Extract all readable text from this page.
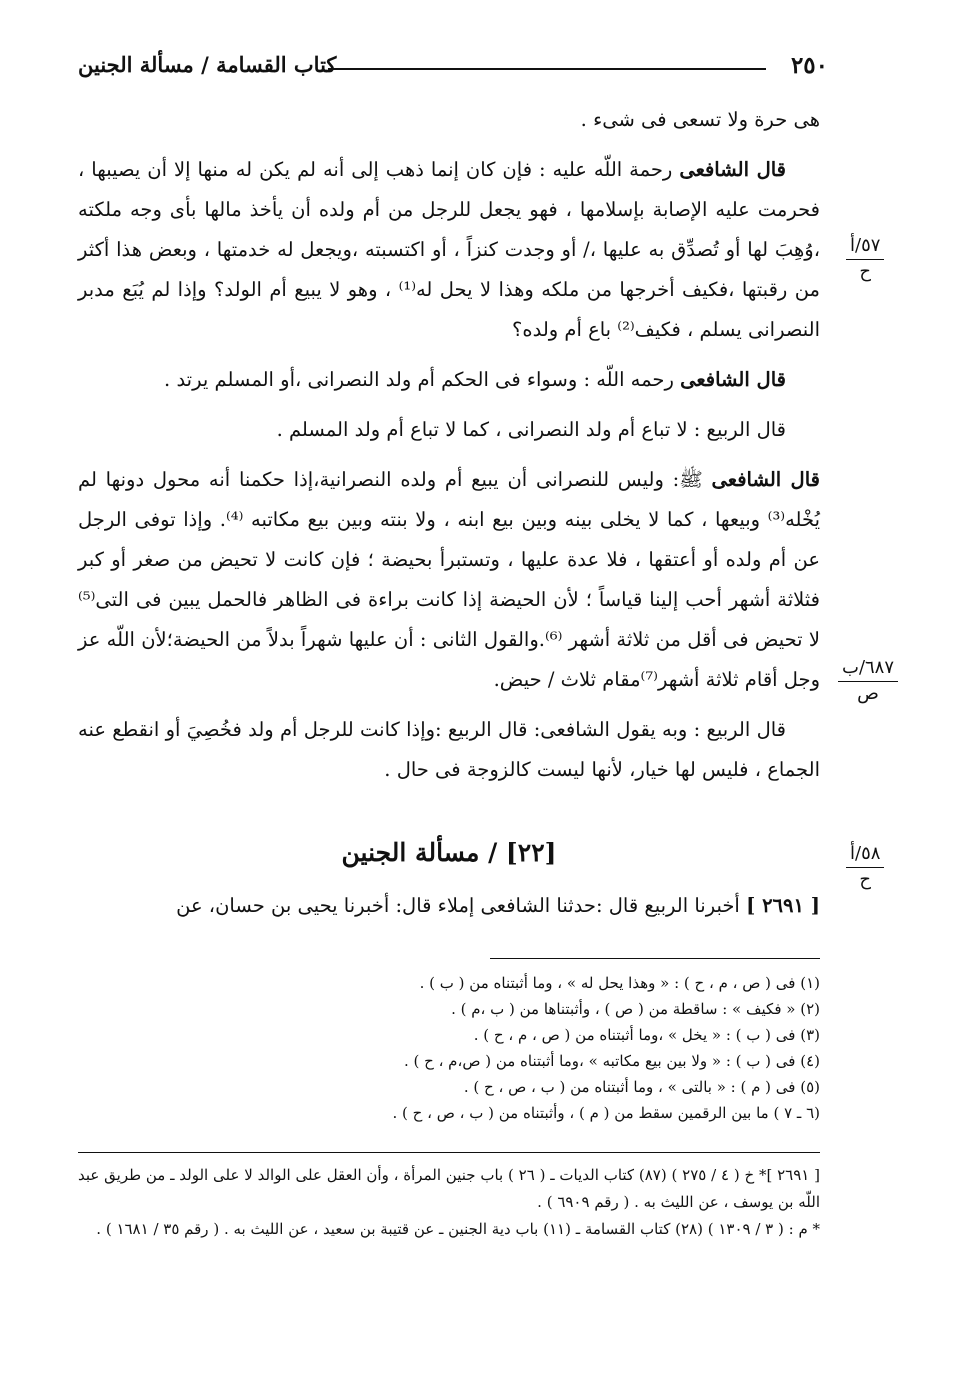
٢٥٠
كتاب القسامة / مسألة الجنين

هى حرة ولا تسعى فى شىء .

قال الشافعى رحمة اللّه عليه : فإن كان إنما ذهب إلى أنه لم يكن له منها إلا أن يصيبها ، فحرمت عليه الإصابة بإسلامها ، فهو يجعل للرجل من أم ولده أن يأخذ مالها بأى وجه ملكته ،وُهِبَ لها أو تُصدِّق به عليها ،/ أو وجدت كنزاً ، أو اكتسبته ،ويجعل له خدمتها ، وبعض هذا أكثر من رقبتها ،فكيف أخرجها من ملكه وهذا لا يحل له⁽¹⁾ ، وهو لا يبيع أم الولد؟ وإذا لم يُبَع مدبر النصرانى يسلم ، فكيف⁽²⁾ باع أم ولده؟

قال الشافعى رحمه اللّه : وسواء فى الحكم أم ولد النصرانى ،أو المسلم يرتد .

قال الربيع : لا تباع أم ولد النصرانى ، كما لا تباع أم ولد المسلم .

قال الشافعى ﷺ: وليس للنصرانى أن يبيع أم ولده النصرانية،إذا حكمنا أنه محول دونها لم يُخْله⁽³⁾ وبيعها ، كما لا يخلى بينه وبين بيع ابنه ، ولا بنته وبين بيع مكاتبه ⁽⁴⁾. وإذا توفى الرجل عن أم ولده أو أعتقها ، فلا عدة عليها ، وتستبرأ بحيضة ؛ فإن كانت لا تحيض من صغر أو كبر فثلاثة أشهر أحب إلينا قياساً ؛ لأن الحيضة إذا كانت براءة فى الظاهر فالحمل يبين فى التى⁽⁵⁾ لا تحيض فى أقل من ثلاثة أشهر ⁽⁶⁾.والقول الثانى : أن عليها شهراً بدلاً من الحيضة؛لأن اللّه عز وجل أقام ثلاثة أشهر⁽⁷⁾مقام ثلاث / حيض.

قال الربيع : وبه يقول الشافعى: قال الربيع :وإذا كانت للرجل أم ولد فخُصِيَ أو انقطع عنه الجماع ، فليس لها خيار، لأنها ليست كالزوجة فى حال .

٥٧/أ
ح
٦٨٧/ب
ص
٥٨/أ
ح
[٢٢] / مسألة الجنين
[ ٢٦٩١ ] أخبرنا الربيع قال :حدثنا الشافعى إملاء قال: أخبرنا يحيى بن حسان، عن
(١) فى ( ص ، م ، ح ) : « وهذا يحل له » ، وما أثبتناه من ( ب ) .
(٢) « فكيف » : ساقطة من ( ص ) ، وأثبتناها من ( ب ،م ) .
(٣) فى ( ب ) : « يخل » ،وما أثبتناه من ( ص ، م ، ح ) .
(٤) فى ( ب ) : « ولا بين بيع مكاتبه » ،وما أثبتناه من ( ص،م ، ح ) .
(٥) فى ( م ) : « بالتى » ، وما أثبتناه من ( ب ، ص ، ح ) .
(٦ ـ ٧ ) ما بين الرقمين سقط من ( م ) ، وأثبتناه من ( ب ، ص ، ح ) .

[ ٢٦٩١ ]* خ ( ٤ / ٢٧٥ ) (٨٧) كتاب الديات ـ ( ٢٦ ) باب جنين المرأة ، وأن العقل على الوالد لا على الولد ـ من طريق عبد اللّه بن يوسف ، عن الليث به . ( رقم ٦٩٠٩ ) .

* م : ( ٣ / ١٣٠٩ ) (٢٨) كتاب القسامة ـ (١١) باب دية الجنين ـ عن قتيبة بن سعيد ، عن الليث به . ( رقم ٣٥ / ١٦٨١ ) .
